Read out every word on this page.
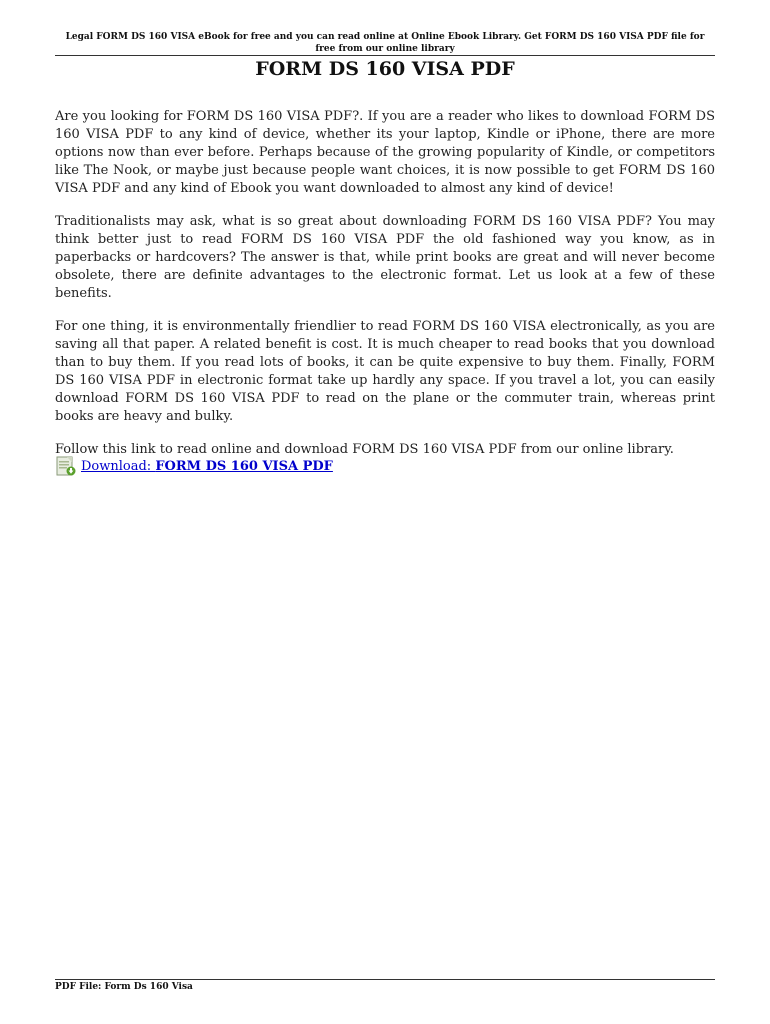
Legal FORM DS 160 VISA eBook for free and you can read online at Online Ebook Library. Get FORM DS 160 VISA PDF file for free from our online library
FORM DS 160 VISA PDF

Are you looking for FORM DS 160 VISA PDF?. If you are a reader who likes to download FORM DS 160 VISA PDF to any kind of device, whether its your laptop, Kindle or iPhone, there are more options now than ever before. Perhaps because of the growing popularity of Kindle, or competitors like The Nook, or maybe just because people want choices, it is now possible to get FORM DS 160 VISA PDF and any kind of Ebook you want downloaded to almost any kind of device!

Traditionalists may ask, what is so great about downloading FORM DS 160 VISA PDF? You may think better just to read FORM DS 160 VISA PDF the old fashioned way you know, as in paperbacks or hardcovers? The answer is that, while print books are great and will never become obsolete, there are definite advantages to the electronic format. Let us look at a few of these benefits.

For one thing, it is environmentally friendlier to read FORM DS 160 VISA electronically, as you are saving all that paper. A related benefit is cost. It is much cheaper to read books that you download than to buy them. If you read lots of books, it can be quite expensive to buy them. Finally, FORM DS 160 VISA PDF in electronic format take up hardly any space. If you travel a lot, you can easily download FORM DS 160 VISA PDF to read on the plane or the commuter train, whereas print books are heavy and bulky.

Follow this link to read online and download FORM DS 160 VISA PDF from our online library.

Download: FORM DS 160 VISA PDF
PDF File: Form Ds 160 Visa
